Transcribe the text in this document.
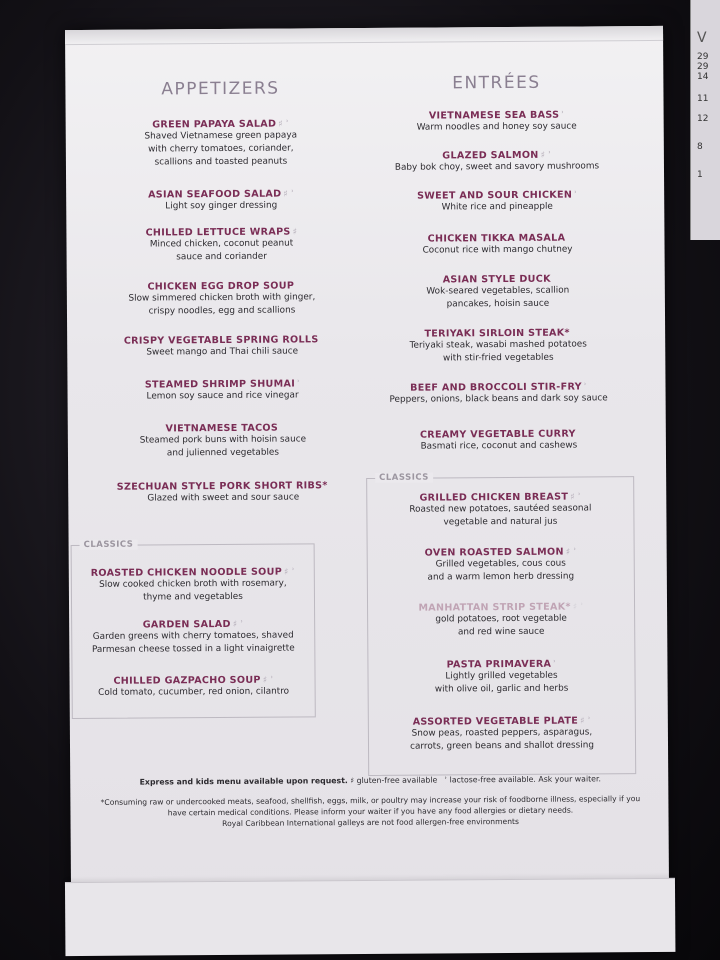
V
29
29
14
11
12
8
1
APPETIZERS
GREEN PAPAYA SALAD ♯ ʾ
Shaved Vietnamese green papaya
with cherry tomatoes, coriander,
scallions and toasted peanuts
ASIAN SEAFOOD SALAD ♯ ʾ
Light soy ginger dressing
CHILLED LETTUCE WRAPS ♯
Minced chicken, coconut peanut
sauce and coriander
CHICKEN EGG DROP SOUP
Slow simmered chicken broth with ginger,
crispy noodles, egg and scallions
CRISPY VEGETABLE SPRING ROLLS
Sweet mango and Thai chili sauce
STEAMED SHRIMP SHUMAI ʾ
Lemon soy sauce and rice vinegar
VIETNAMESE TACOS
Steamed pork buns with hoisin sauce
and julienned vegetables
SZECHUAN STYLE PORK SHORT RIBS*
Glazed with sweet and sour sauce
CLASSICS
ROASTED CHICKEN NOODLE SOUP ♯ ʾ
Slow cooked chicken broth with rosemary,
thyme and vegetables
GARDEN SALAD ♯ ʾ
Garden greens with cherry tomatoes, shaved
Parmesan cheese tossed in a light vinaigrette
CHILLED GAZPACHO SOUP ♯ ʾ
Cold tomato, cucumber, red onion, cilantro
ENTRÉES
VIETNAMESE SEA BASS ʾ
Warm noodles and honey soy sauce
GLAZED SALMON ♯ ʾ
Baby bok choy, sweet and savory mushrooms
SWEET AND SOUR CHICKEN ʾ
White rice and pineapple
CHICKEN TIKKA MASALA
Coconut rice with mango chutney
ASIAN STYLE DUCK
Wok-seared vegetables, scallion
pancakes, hoisin sauce
TERIYAKI SIRLOIN STEAK*
Teriyaki steak, wasabi mashed potatoes
with stir-fried vegetables
BEEF AND BROCCOLI STIR-FRY ʾ
Peppers, onions, black beans and dark soy sauce
CREAMY VEGETABLE CURRY
Basmati rice, coconut and cashews
CLASSICS
GRILLED CHICKEN BREAST ♯ ʾ
Roasted new potatoes, sautéed seasonal
vegetable and natural jus
OVEN ROASTED SALMON ♯ ʾ
Grilled vegetables, cous cous
and a warm lemon herb dressing
MANHATTAN STRIP STEAK* ♯ ʾ
gold potatoes, root vegetable
and red wine sauce
PASTA PRIMAVERA ʾ
Lightly grilled vegetables
with olive oil, garlic and herbs
ASSORTED VEGETABLE PLATE ♯ ʾ
Snow peas, roasted peppers, asparagus,
carrots, green beans and shallot dressing
Express and kids menu available upon request. ♯ gluten-free available ʾ lactose-free available. Ask your waiter.
*Consuming raw or undercooked meats, seafood, shellfish, eggs, milk, or poultry may increase your risk of foodborne illness, especially if you
have certain medical conditions. Please inform your waiter if you have any food allergies or dietary needs.
Royal Caribbean International galleys are not food allergen-free environments
